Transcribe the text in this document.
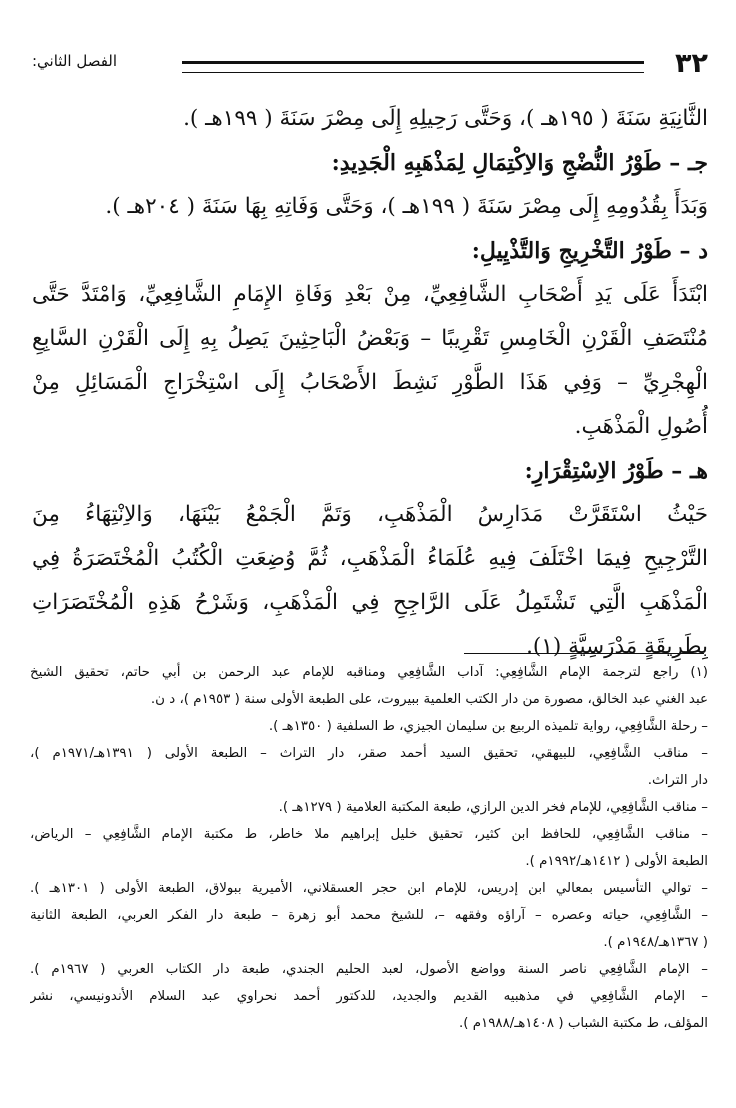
٣٢
الفصل الثاني:
الثَّانِيَةِ سَنَةَ ( ١٩٥هـ )، وَحَتَّى رَحِيلِهِ إِلَى مِصْرَ سَنَةَ ( ١٩٩هـ ).
جـ – طَوْرُ النُّضْجِ وَالاِكْتِمَالِ لِمَذْهَبِهِ الْجَدِيدِ:
وَبَدَأَ بِقُدُومِهِ إِلَى مِصْرَ سَنَةَ ( ١٩٩هـ )، وَحَتَّى وَفَاتِهِ بِهَا سَنَةَ ( ٢٠٤هـ ).
د – طَوْرُ التَّخْرِيجِ وَالتَّذْيِيلِ:
ابْتَدَأَ عَلَى يَدِ أَصْحَابِ الشَّافِعِيِّ، مِنْ بَعْدِ وَفَاةِ الإِمَامِ الشَّافِعِيِّ، وَامْتَدَّ حَتَّى
مُنْتَصَفِ الْقَرْنِ الْخَامِسِ تَقْرِيبًا – وَبَعْضُ الْبَاحِثِينَ يَصِلُ بِهِ إِلَى الْقَرْنِ السَّابِعِ
الْهِجْرِيِّ – وَفِي هَذَا الطَّوْرِ نَشِطَ الأَصْحَابُ إِلَى اسْتِخْرَاجِ الْمَسَائِلِ مِنْ
أُصُولِ الْمَذْهَبِ.
هـ – طَوْرُ الاِسْتِقْرَارِ:
حَيْثُ اسْتَقَرَّتْ مَدَارِسُ الْمَذْهَبِ، وَتَمَّ الْجَمْعُ بَيْنَهَا، وَالاِنْتِهَاءُ مِنَ
التَّرْجِيحِ فِيمَا اخْتَلَفَ فِيهِ عُلَمَاءُ الْمَذْهَبِ، ثُمَّ وُضِعَتِ الْكُتُبُ الْمُخْتَصَرَةُ فِي
الْمَذْهَبِ الَّتِي تَشْتَمِلُ عَلَى الرَّاجِحِ فِي الْمَذْهَبِ، وَشَرْحُ هَذِهِ الْمُخْتَصَرَاتِ
بِطَرِيقَةٍ مَدْرَسِيَّةٍ (١).
(١) راجع لترجمة الإمام الشَّافِعِي: آداب الشَّافِعِي ومناقبه للإمام عبد الرحمن بن أبي حاتم، تحقيق الشيخ
عبد الغني عبد الخالق، مصورة من دار الكتب العلمية ببيروت، على الطبعة الأولى سنة ( ١٩٥٣م )، د ن.
– رحلة الشَّافِعِي، رواية تلميذه الربيع بن سليمان الجيزي، ط السلفية ( ١٣٥٠هـ ).
– مناقب الشَّافِعِي، للبيهقي، تحقيق السيد أحمد صقر، دار التراث – الطبعة الأولى ( ١٣٩١هـ/١٩٧١م )،
دار التراث.
– مناقب الشَّافِعِي، للإمام فخر الدين الرازي، طبعة المكتبة العلامية ( ١٢٧٩هـ ).
– مناقب الشَّافِعِي، للحافظ ابن كثير، تحقيق خليل إبراهيم ملا خاطر، ط مكتبة الإمام الشَّافِعِي – الرياض،
الطبعة الأولى ( ١٤١٢هـ/١٩٩٢م ).
– توالي التأسيس بمعالي ابن إدريس، للإمام ابن حجر العسقلاني، الأميرية ببولاق، الطبعة الأولى ( ١٣٠١هـ ).
– الشَّافِعِي، حياته وعصره – آراؤه وفقهه –، للشيخ محمد أبو زهرة – طبعة دار الفكر العربي، الطبعة الثانية
( ١٣٦٧هـ/١٩٤٨م ).
– الإمام الشَّافِعِي ناصر السنة وواضع الأصول، لعبد الحليم الجندي، طبعة دار الكتاب العربي ( ١٩٦٧م ).
– الإمام الشَّافِعِي في مذهبيه القديم والجديد، للدكتور أحمد نحراوي عبد السلام الأندونيسي، نشر
المؤلف، ط مكتبة الشباب ( ١٤٠٨هـ/١٩٨٨م ).
